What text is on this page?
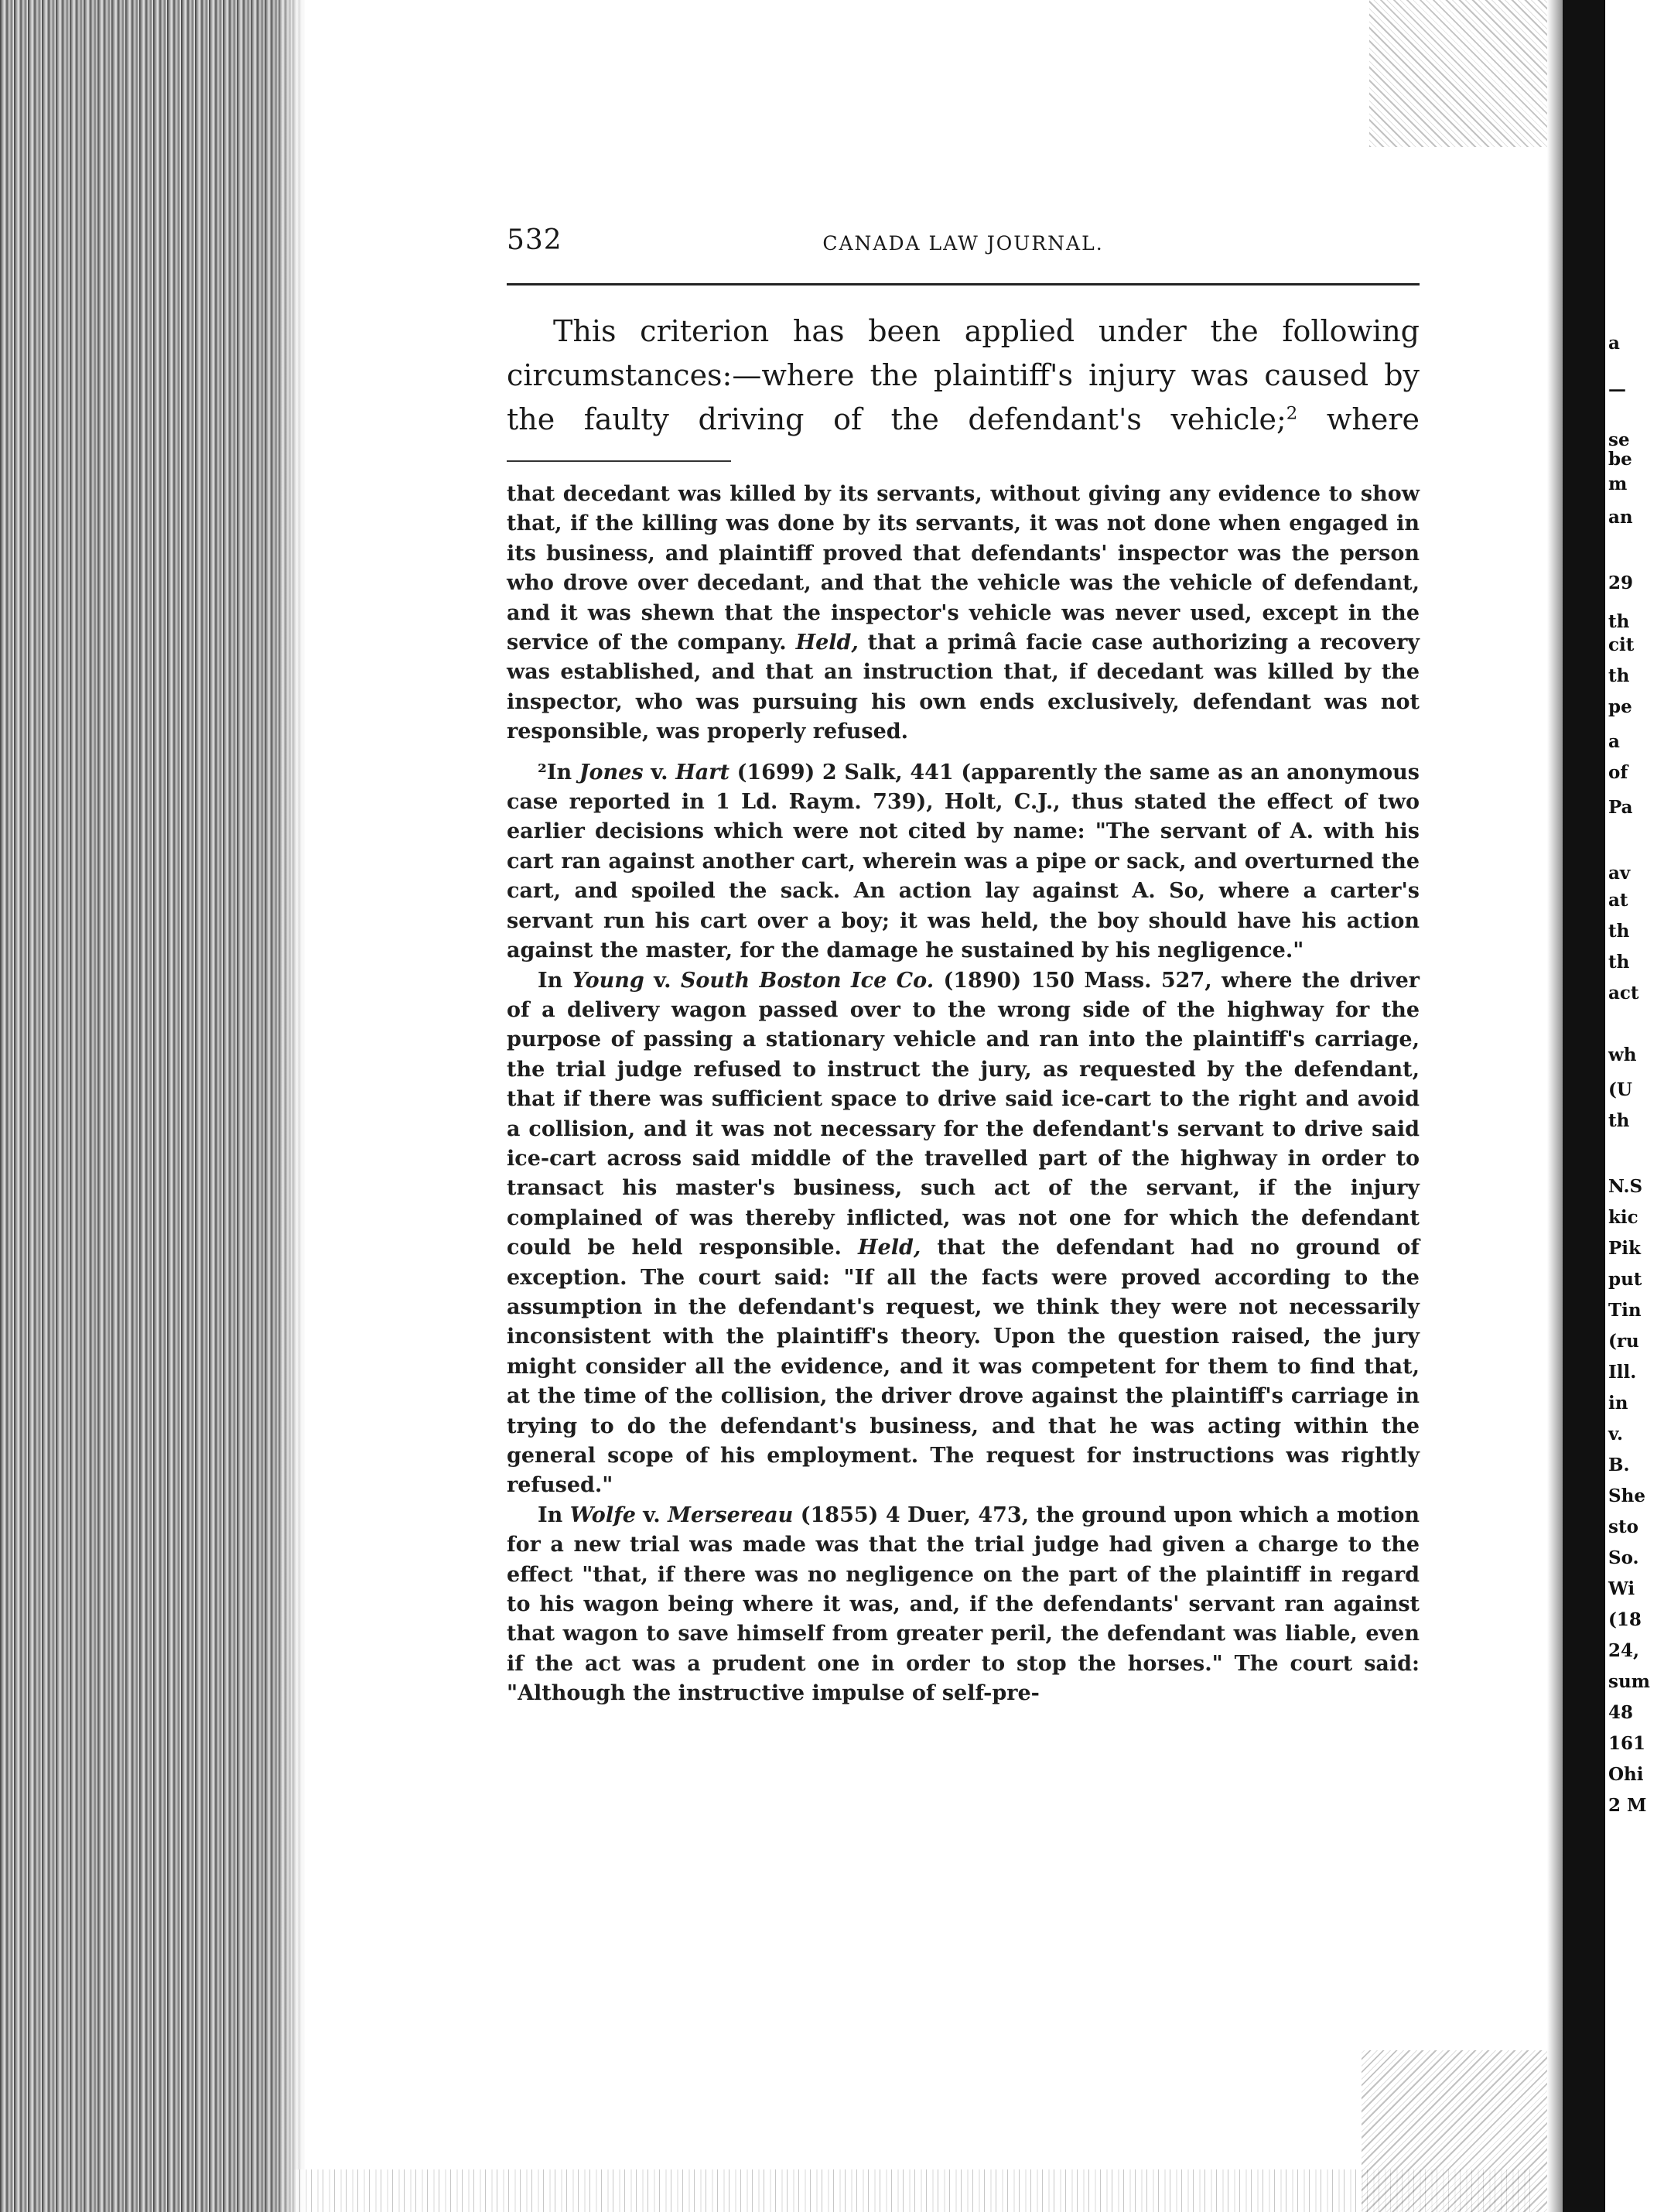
a
—
se
be
m
an
29
th
cit
th
pe
a
of
Pa
av
at
th
th
act
wh
(U
th
N.S
kic
Pik
put
Tin
(ru
Ill.
in
v.
B.
She
sto
So.
Wi
(18
24,
sum
48
161
Ohi
2 M
532	CANADA LAW JOURNAL.
This criterion has been applied under the following
circumstances:—where the plaintiff's injury was caused by
the faulty driving of the defendant's vehicle;$^2$ where

that decedant was killed by its servants, without giving any evidence to show that, if the killing was done by its servants, it was not done when engaged in its business, and plaintiff proved that defendants' inspector was the person who drove over decedant, and that the vehicle was the vehicle of defendant, and it was shewn that the inspector's vehicle was never used, except in the service of the company. Held, that a primâ facie case authorizing a recovery was established, and that an instruction that, if decedant was killed by the inspector, who was pursuing his own ends exclusively, defendant was not responsible, was properly refused.

²In Jones v. Hart (1699) 2 Salk, 441 (apparently the same as an anonymous case reported in 1 Ld. Raym. 739), Holt, C.J., thus stated the effect of two earlier decisions which were not cited by name: "The servant of A. with his cart ran against another cart, wherein was a pipe or sack, and overturned the cart, and spoiled the sack. An action lay against A. So, where a carter's servant run his cart over a boy; it was held, the boy should have his action against the master, for the damage he sustained by his negligence."

In Young v. South Boston Ice Co. (1890) 150 Mass. 527, where the driver of a delivery wagon passed over to the wrong side of the highway for the purpose of passing a stationary vehicle and ran into the plaintiff's carriage, the trial judge refused to instruct the jury, as requested by the defendant, that if there was sufficient space to drive said ice-cart to the right and avoid a collision, and it was not necessary for the defendant's servant to drive said ice-cart across said middle of the travelled part of the highway in order to transact his master's business, such act of the servant, if the injury complained of was thereby inflicted, was not one for which the defendant could be held responsible. Held, that the defendant had no ground of exception. The court said: "If all the facts were proved according to the assumption in the defendant's request, we think they were not necessarily inconsistent with the plaintiff's theory. Upon the question raised, the jury might consider all the evidence, and it was competent for them to find that, at the time of the collision, the driver drove against the plaintiff's carriage in trying to do the defendant's business, and that he was acting within the general scope of his employment. The request for instructions was rightly refused."

In Wolfe v. Mersereau (1855) 4 Duer, 473, the ground upon which a motion for a new trial was made was that the trial judge had given a charge to the effect "that, if there was no negligence on the part of the plaintiff in regard to his wagon being where it was, and, if the defendants' servant ran against that wagon to save himself from greater peril, the defendant was liable, even if the act was a prudent one in order to stop the horses." The court said: "Although the instructive impulse of self-pre-
